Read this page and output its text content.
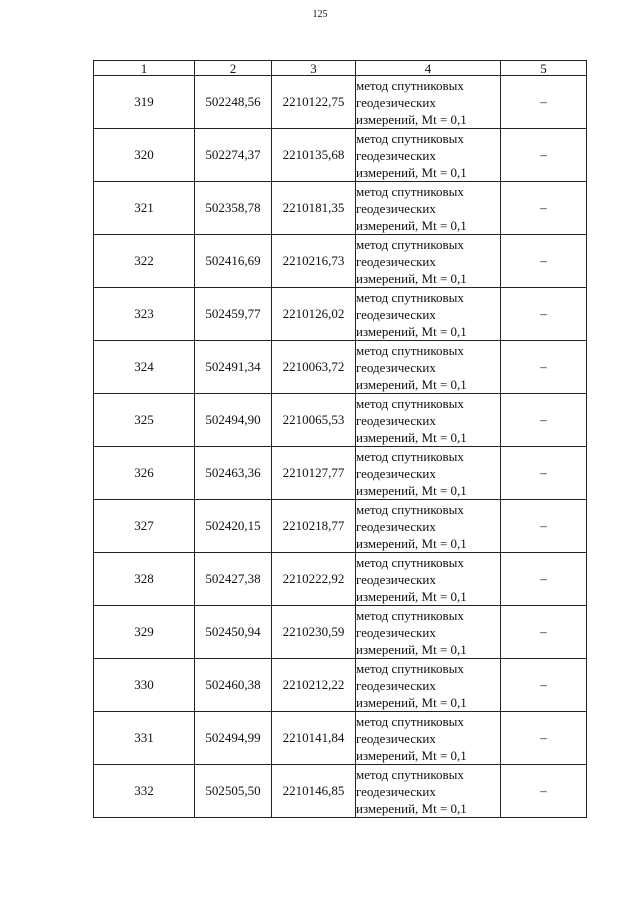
125
1	2	3	4	5
319	502248,56	2210122,75	метод спутниковых
геодезических
измерений, Mt = 0,1	–
320	502274,37	2210135,68	метод спутниковых
геодезических
измерений, Mt = 0,1	–
321	502358,78	2210181,35	метод спутниковых
геодезических
измерений, Mt = 0,1	–
322	502416,69	2210216,73	метод спутниковых
геодезических
измерений, Mt = 0,1	–
323	502459,77	2210126,02	метод спутниковых
геодезических
измерений, Mt = 0,1	–
324	502491,34	2210063,72	метод спутниковых
геодезических
измерений, Mt = 0,1	–
325	502494,90	2210065,53	метод спутниковых
геодезических
измерений, Mt = 0,1	–
326	502463,36	2210127,77	метод спутниковых
геодезических
измерений, Mt = 0,1	–
327	502420,15	2210218,77	метод спутниковых
геодезических
измерений, Mt = 0,1	–
328	502427,38	2210222,92	метод спутниковых
геодезических
измерений, Mt = 0,1	–
329	502450,94	2210230,59	метод спутниковых
геодезических
измерений, Mt = 0,1	–
330	502460,38	2210212,22	метод спутниковых
геодезических
измерений, Mt = 0,1	–
331	502494,99	2210141,84	метод спутниковых
геодезических
измерений, Mt = 0,1	–
332	502505,50	2210146,85	метод спутниковых
геодезических
измерений, Mt = 0,1	–
